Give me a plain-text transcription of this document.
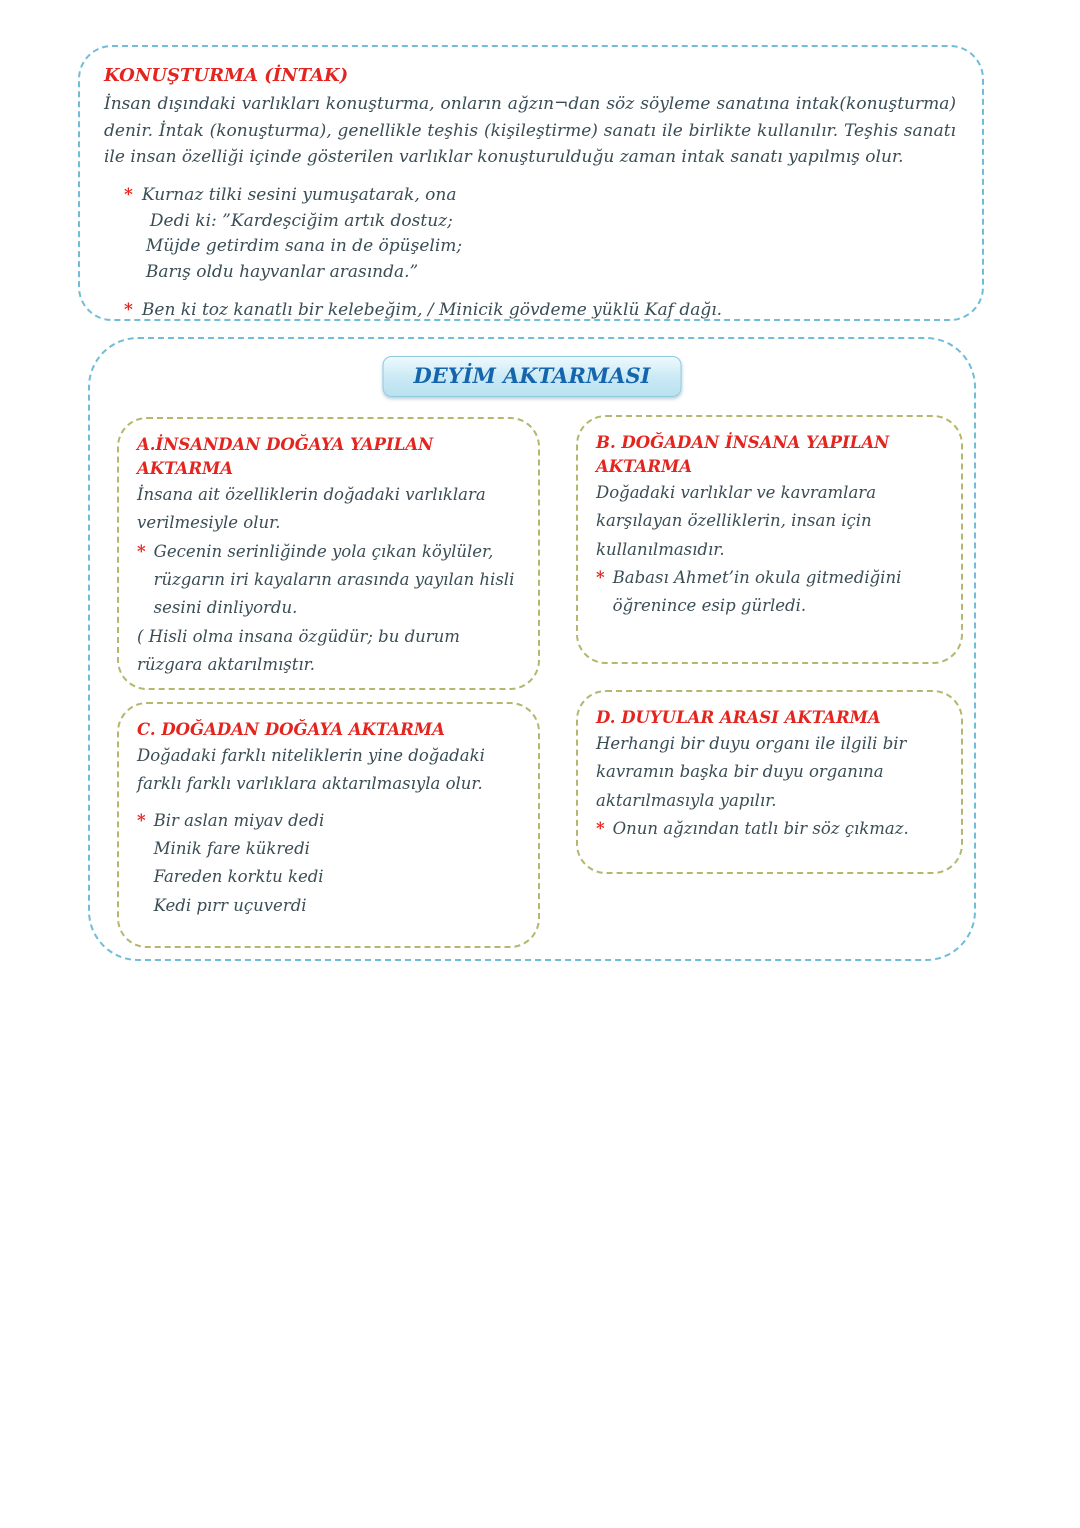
KONUŞTURMA (İNTAK)

İnsan dışındaki varlıkları konuşturma, onların ağzın¬dan söz söyleme sanatına intak(konuşturma) denir. İntak (konuşturma), genellikle teşhis (kişileştirme) sanatı ile birlikte kullanılır. Teşhis sanatı ile insan özelliği içinde gösterilen varlıklar konuşturulduğu zaman intak sanatı yapılmış olur.

* Kurnaz tilki sesini yumuşatarak, ona
Dedi ki: ”Kardeşciğim artık dostuz;
Müjde getirdim sana in de öpüşelim;
Barış oldu hayvanlar arasında.”
* Ben ki toz kanatlı bir kelebeğim, / Minicik gövdeme yüklü Kaf dağı.
DEYİM AKTARMASI

A.İNSANDAN DOĞAYA YAPILAN AKTARMA

İnsana ait özelliklerin doğadaki varlıklara verilmesiyle olur.

* Gecenin serinliğinde yola çıkan köylüler, rüzgarın iri kayaların arasında yayılan hisli sesini dinliyordu.

( Hisli olma insana özgüdür; bu durum rüzgara aktarılmıştır.

B. DOĞADAN İNSANA YAPILAN AKTARMA

Doğadaki varlıklar ve kavramlara karşılayan özelliklerin, insan için kullanılmasıdır.

* Babası Ahmet’in okula gitmediğini öğrenince esip gürledi.

C. DOĞADAN DOĞAYA AKTARMA

Doğadaki farklı niteliklerin yine doğadaki farklı farklı varlıklara aktarılmasıyla olur.

* Bir aslan miyav dedi
Minik fare kükredi
Fareden korktu kedi
Kedi pırr uçuverdi

D. DUYULAR ARASI AKTARMA

Herhangi bir duyu organı ile ilgili bir kavramın başka bir duyu organına aktarılmasıyla yapılır.

* Onun ağzından tatlı bir söz çıkmaz.
